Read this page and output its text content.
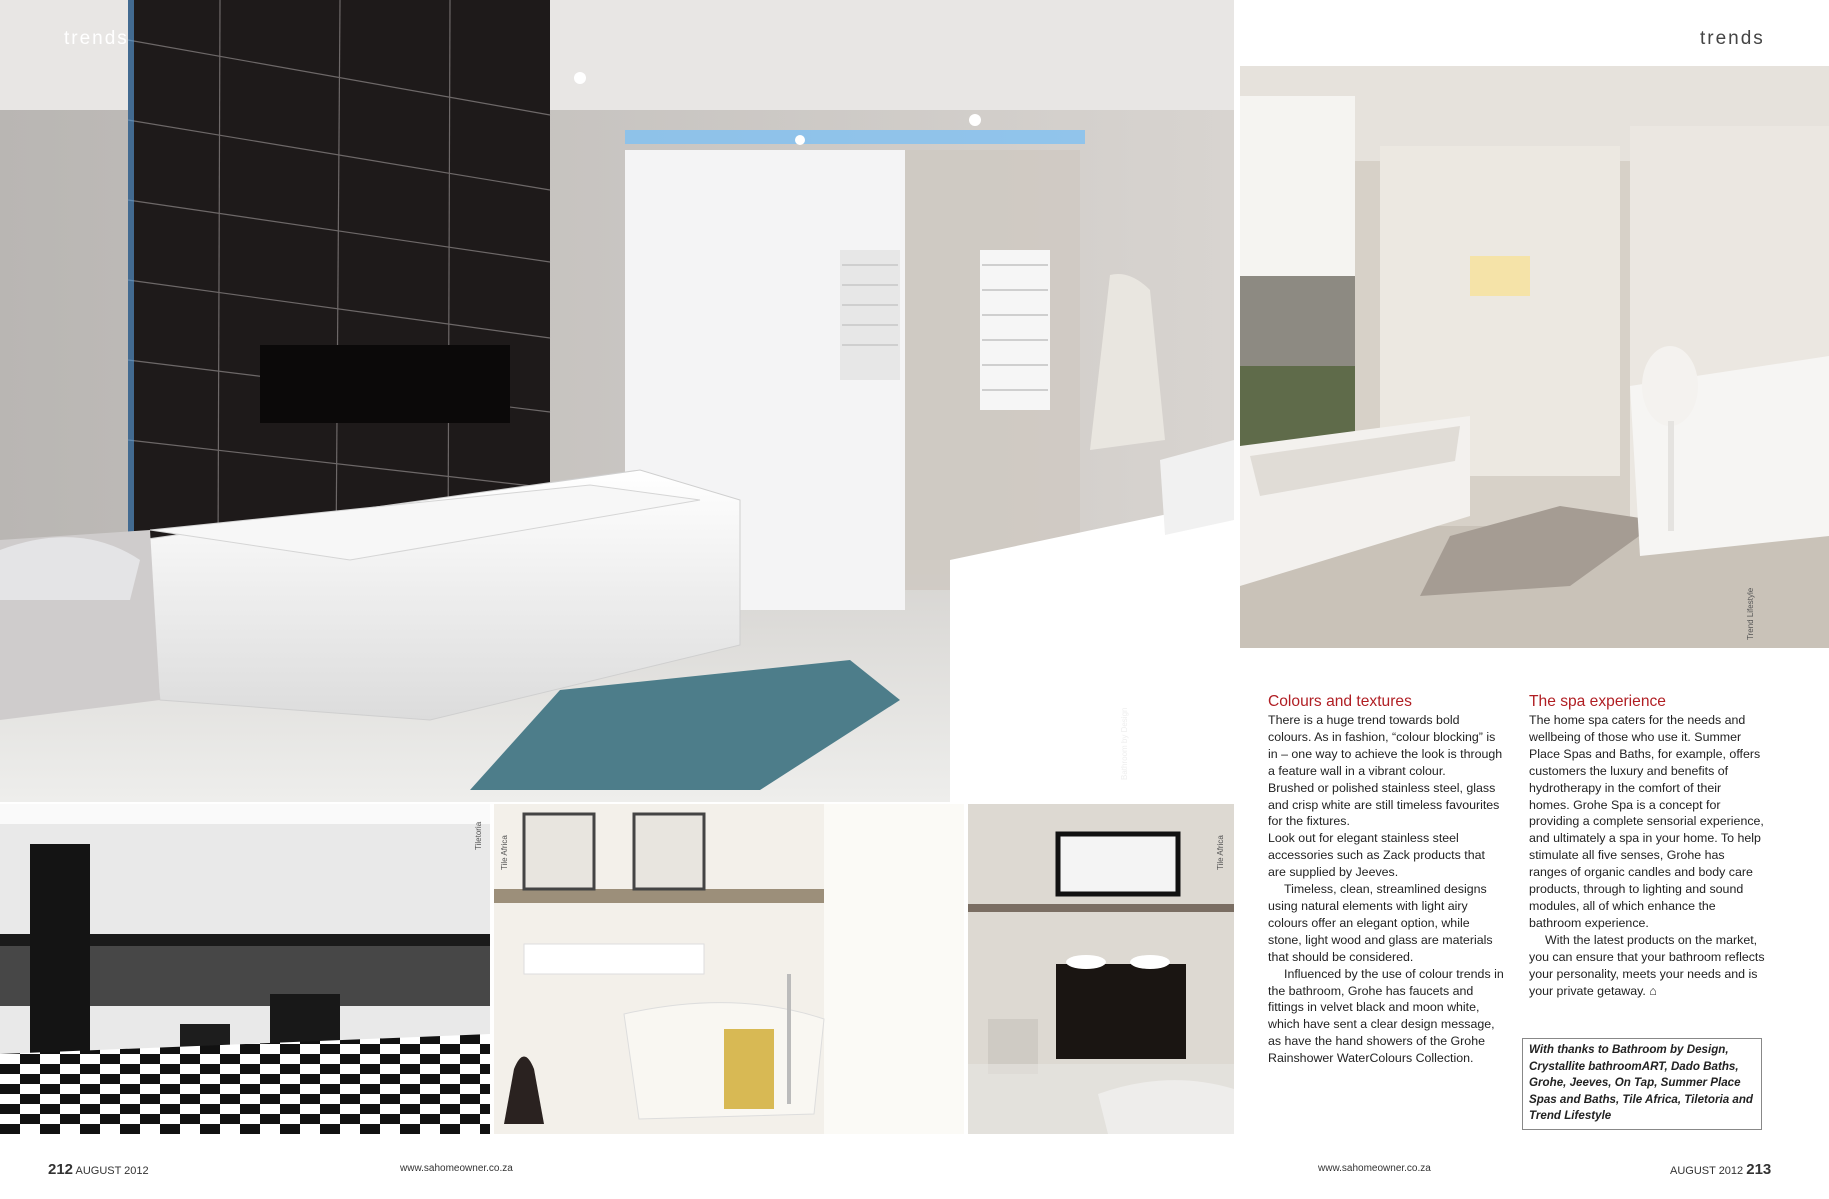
trends
Bathroom by Design
trends
Trend Lifestyle
Tiletoria Tile Africa	Tile Africa
Colours and textures

There is a huge trend towards bold colours. As in fashion, “colour blocking” is in – one way to achieve the look is through a feature wall in a vibrant colour.

Brushed or polished stainless steel, glass and crisp white are still timeless favourites for the fixtures.

Look out for elegant stainless steel accessories such as Zack products that are supplied by Jeeves.

Timeless, clean, streamlined designs using natural elements with light airy colours offer an elegant option, while stone, light wood and glass are materials that should be considered.

Influenced by the use of colour trends in the bathroom, Grohe has faucets and fittings in velvet black and moon white, which have sent a clear design message, as have the hand showers of the Grohe Rainshower WaterColours Collection.

The spa experience

The home spa caters for the needs and wellbeing of those who use it. Summer Place Spas and Baths, for example, offers customers the luxury and benefits of hydrotherapy in the comfort of their homes. Grohe Spa is a concept for providing a complete sensorial experience, and ultimately a spa in your home. To help stimulate all five senses, Grohe has ranges of organic candles and body care products, through to lighting and sound modules, all of which enhance the bathroom experience.

With the latest products on the market, you can ensure that your bathroom reflects your personality, meets your needs and is your private getaway. ⌂

With thanks to Bathroom by Design, Crystallite bathroomART, Dado Baths, Grohe, Jeeves, On Tap, Summer Place Spas and Baths, Tile Africa, Tiletoria and Trend Lifestyle
212 AUGUST 2012	www.sahomeowner.co.za	www.sahomeowner.co.za	AUGUST 2012 213
